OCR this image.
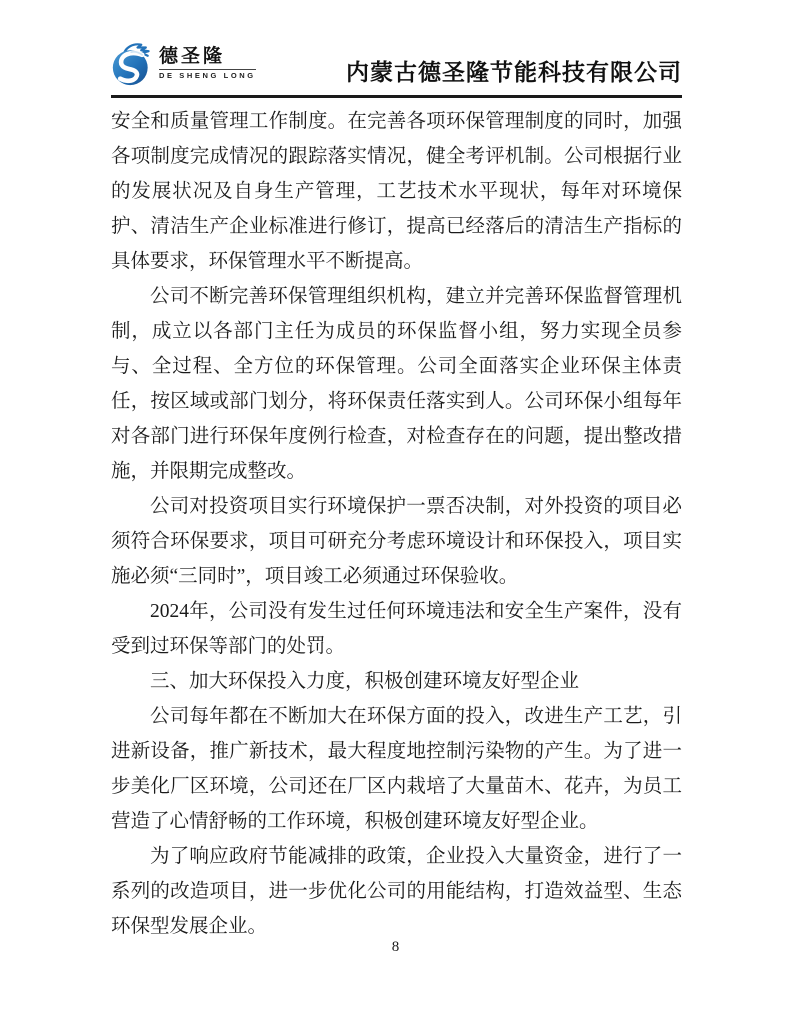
德圣隆
DE SHENG LONG	内蒙古德圣隆节能科技有限公司

安全和质量管理工作制度。在完善各项环保管理制度的同时，加强各项制度完成情况的跟踪落实情况，健全考评机制。公司根据行业的发展状况及自身生产管理，工艺技术水平现状，每年对环境保护、清洁生产企业标准进行修订，提高已经落后的清洁生产指标的具体要求，环保管理水平不断提高。

公司不断完善环保管理组织机构，建立并完善环保监督管理机制，成立以各部门主任为成员的环保监督小组，努力实现全员参与、全过程、全方位的环保管理。公司全面落实企业环保主体责任，按区域或部门划分，将环保责任落实到人。公司环保小组每年对各部门进行环保年度例行检查，对检查存在的问题，提出整改措施，并限期完成整改。

公司对投资项目实行环境保护一票否决制，对外投资的项目必须符合环保要求，项目可研充分考虑环境设计和环保投入，项目实施必须“三同时”，项目竣工必须通过环保验收。

2024年，公司没有发生过任何环境违法和安全生产案件，没有受到过环保等部门的处罚。

三、加大环保投入力度，积极创建环境友好型企业

公司每年都在不断加大在环保方面的投入，改进生产工艺，引进新设备，推广新技术，最大程度地控制污染物的产生。为了进一步美化厂区环境，公司还在厂区内栽培了大量苗木、花卉，为员工营造了心情舒畅的工作环境，积极创建环境友好型企业。

为了响应政府节能减排的政策，企业投入大量资金，进行了一系列的改造项目，进一步优化公司的用能结构，打造效益型、生态环保型发展企业。

8
